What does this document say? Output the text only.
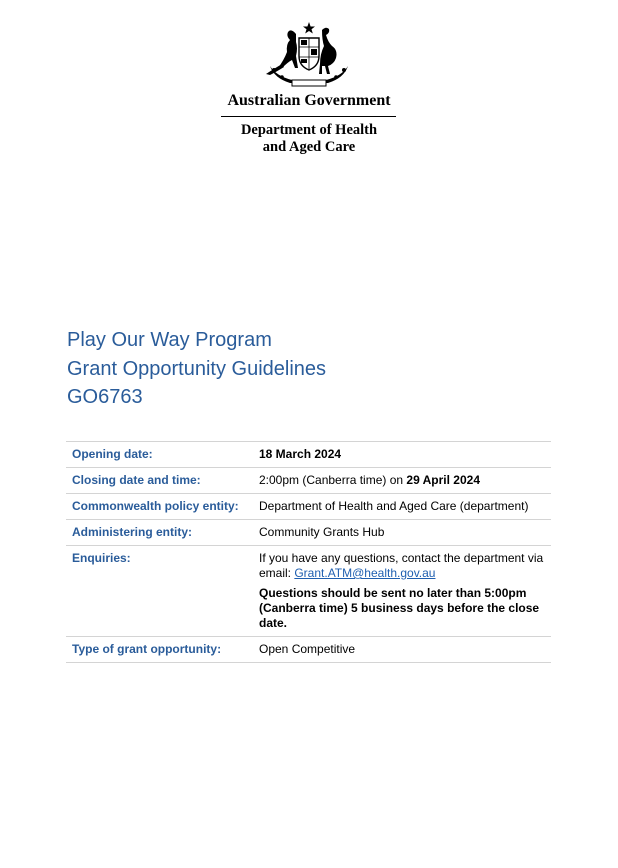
Australian Government
Department of Health
and Aged Care
Play Our Way Program
Grant Opportunity Guidelines
GO6763
Opening date:	18 March 2024
Closing date and time:	2:00pm (Canberra time) on 29 April 2024
Commonwealth policy entity:	Department of Health and Aged Care (department)
Administering entity:	Community Grants Hub
Enquiries:	If you have any questions, contact the department via email: Grant.ATM@health.gov.au
Questions should be sent no later than 5:00pm (Canberra time) 5 business days before the close date.

Type of grant opportunity:	Open Competitive
